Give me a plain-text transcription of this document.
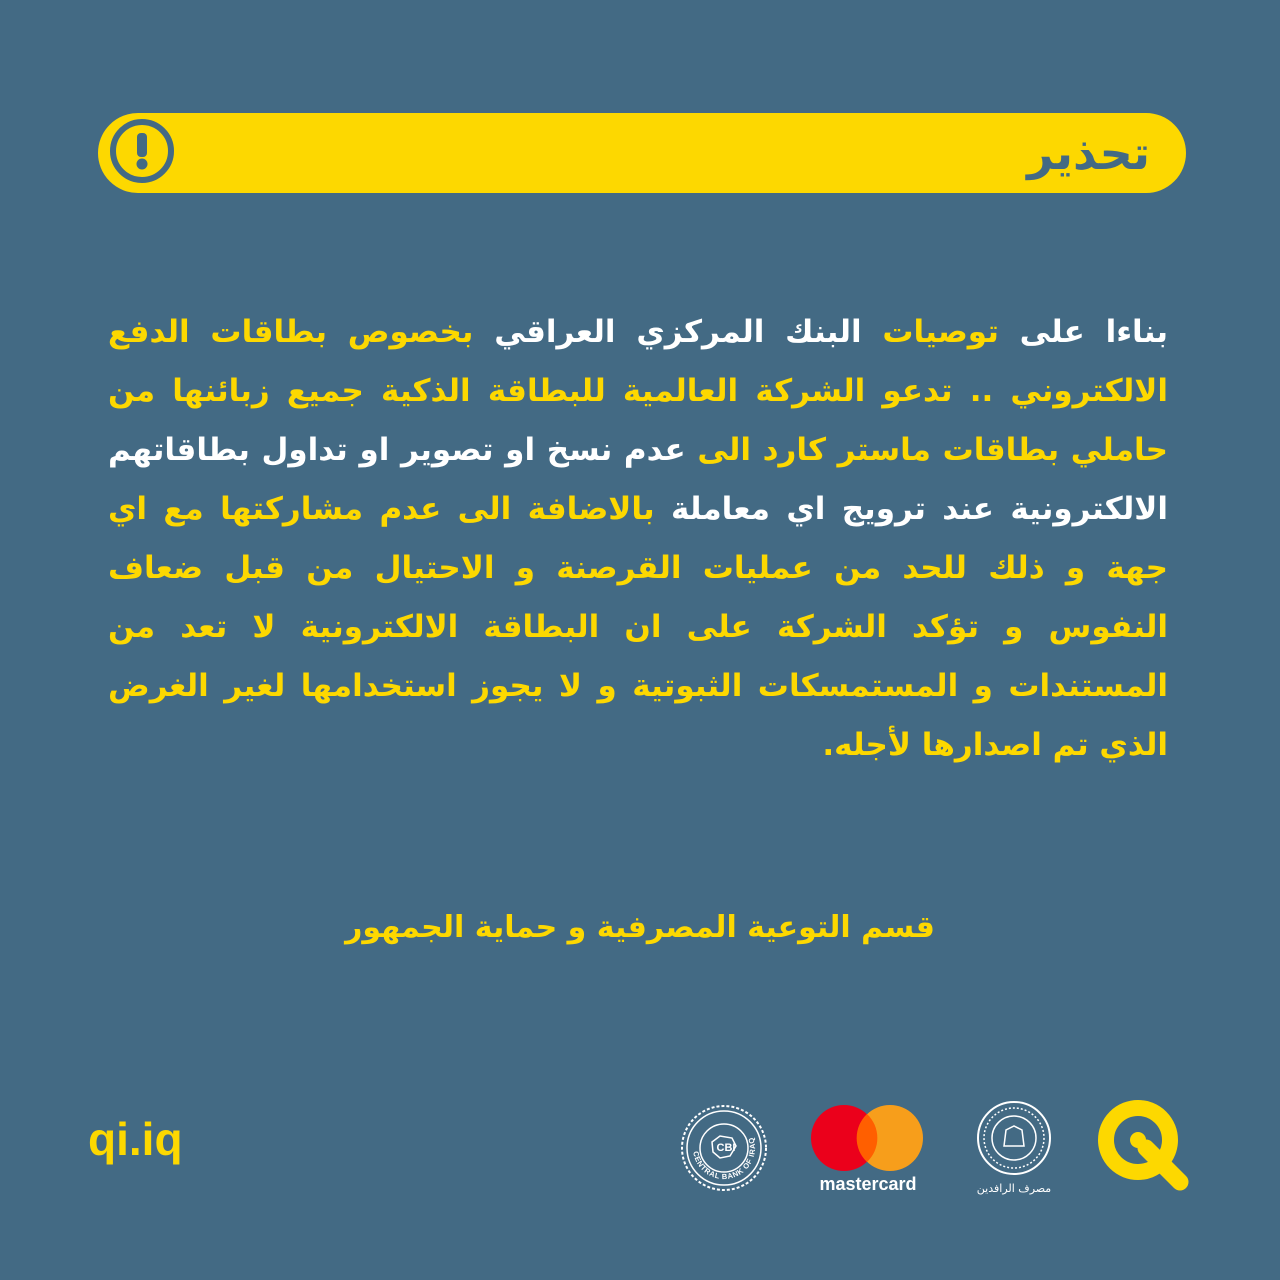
تحذير
بناءا على توصيات البنك المركزي العراقي بخصوص بطاقات الدفع الالكتروني .. تدعو الشركة العالمية للبطاقة الذكية جميع زبائنها من حاملي بطاقات ماستر كارد الى عدم نسخ او تصوير او تداول بطاقاتهم الالكترونية عند ترويج اي معاملة بالاضافة الى عدم مشاركتها مع اي جهة و ذلك للحد من عمليات القرصنة و الاحتيال من قبل ضعاف النفوس و تؤكد الشركة على ان البطاقة الالكترونية لا تعد من المستندات و المستمسكات الثبوتية و لا يجوز استخدامها لغير الغرض الذي تم اصدارها لأجله.
قسم التوعية المصرفية و حماية الجمهور
qi.iq	CENTRAL BANK OF IRAQ
CBI
mastercard	مصرف الرافدين
